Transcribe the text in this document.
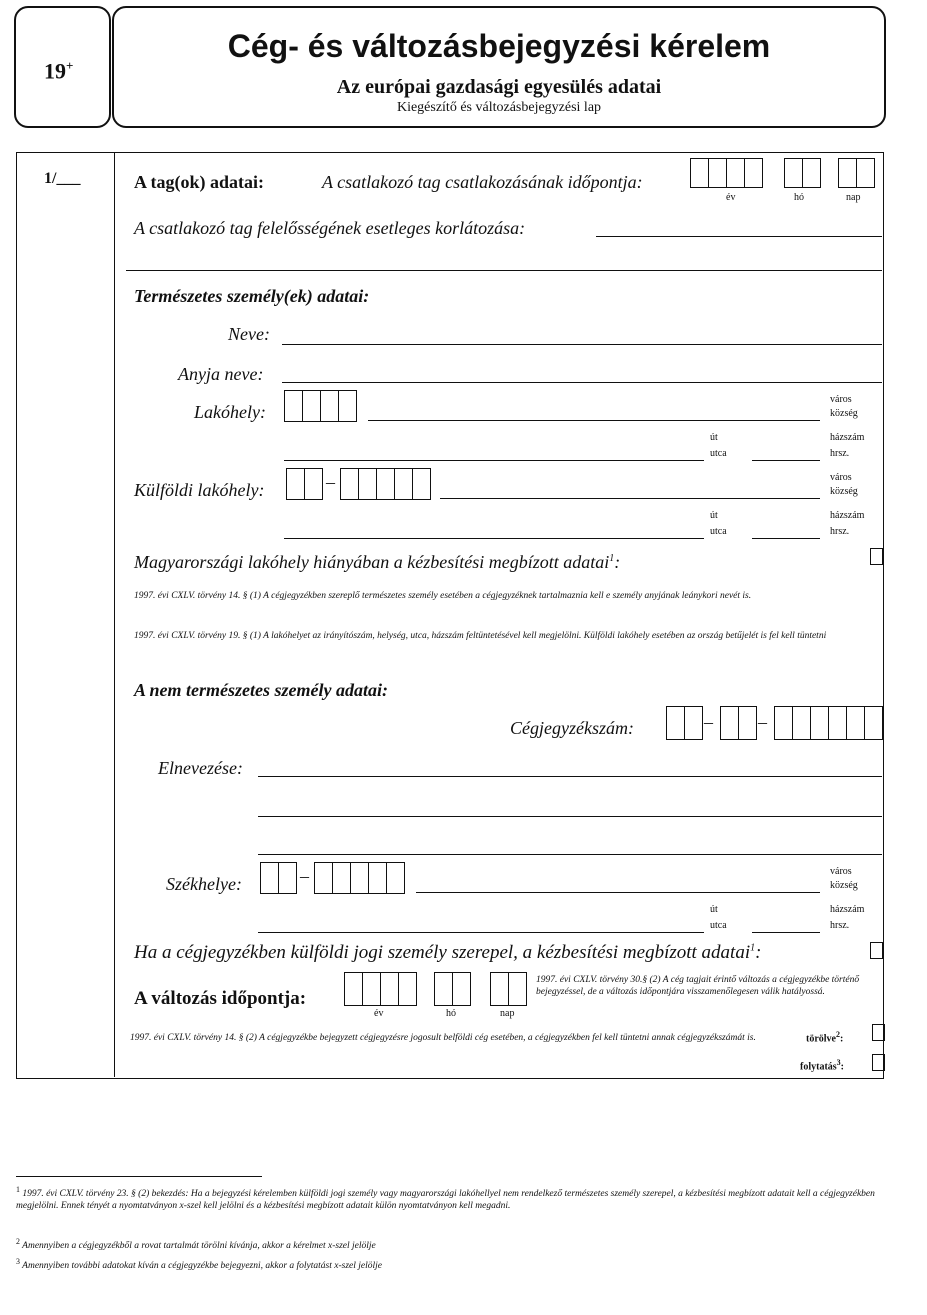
19+
Cég- és változásbejegyzési kérelem
Az európai gazdasági egyesülés adatai
Kiegészítő és változásbejegyzési lap
1/___	A tag(ok) adatai:	A csatlakozó tag csatlakozásának időpontja:
év	hó	nap
A csatlakozó tag felelősségének esetleges korlátozása:
Természetes személy(ek) adatai:
Neve:
Anyja neve:
Lakóhely:
város
község
út
utca
házszám
hrsz.
Külföldi lakóhely:	–	város
község
út
utca
házszám
hrsz.
Magyarországi lakóhely hiányában a kézbesítési megbízott adatai$^1$:
1997. évi CXLV. törvény 14. § (1) A cégjegyzékben szereplő természetes személy esetében a cégjegyzéknek tartalmaznia kell e személy anyjának leánykori nevét is.
1997. évi CXLV. törvény 19. § (1) A lakóhelyet az irányítószám, helység, utca, házszám feltüntetésével kell megjelölni. Külföldi lakóhely esetében az ország betűjelét is fel kell tüntetni
A nem természetes személy adatai:
Cégjegyzékszám:	–	–
Elnevezése:
Székhelye:	–	város
község
út
utca
házszám
hrsz.
Ha a cégjegyzékben külföldi jogi személy szerepel, a kézbesítési megbízott adatai$^1$:
A változás időpontja:
év	hó	nap
1997. évi CXLV. törvény 30.§ (2) A cég tagjait érintő változás a cégjegyzékbe történő bejegyzéssel, de a változás időpontjára visszamenőlegesen válik hatályossá.
1997. évi CXLV. törvény 14. § (2) A cégjegyzékbe bejegyzett cégjegyzésre jogosult belföldi cég esetében, a cégjegyzékben fel kell tüntetni annak cégjegyzékszámát is.	törölve$^2$:
folytatás$^3$:
$^1$ 1997. évi CXLV. törvény 23. § (2) bekezdés: Ha a bejegyzési kérelemben külföldi jogi személy vagy magyarországi lakóhellyel nem rendelkező természetes személy szerepel, a kézbesítési megbízott adatait kell a cégjegyzékben megjelölni. Ennek tényét a nyomtatványon x-szel kell jelölni és a kézbesítési megbízott adatait külön nyomtatványon kell megadni.
$^2$ Amennyiben a cégjegyzékből a rovat tartalmát törölni kívánja, akkor a kérelmet x-szel jelölje
$^3$ Amennyiben további adatokat kíván a cégjegyzékbe bejegyezni, akkor a folytatást x-szel jelölje
